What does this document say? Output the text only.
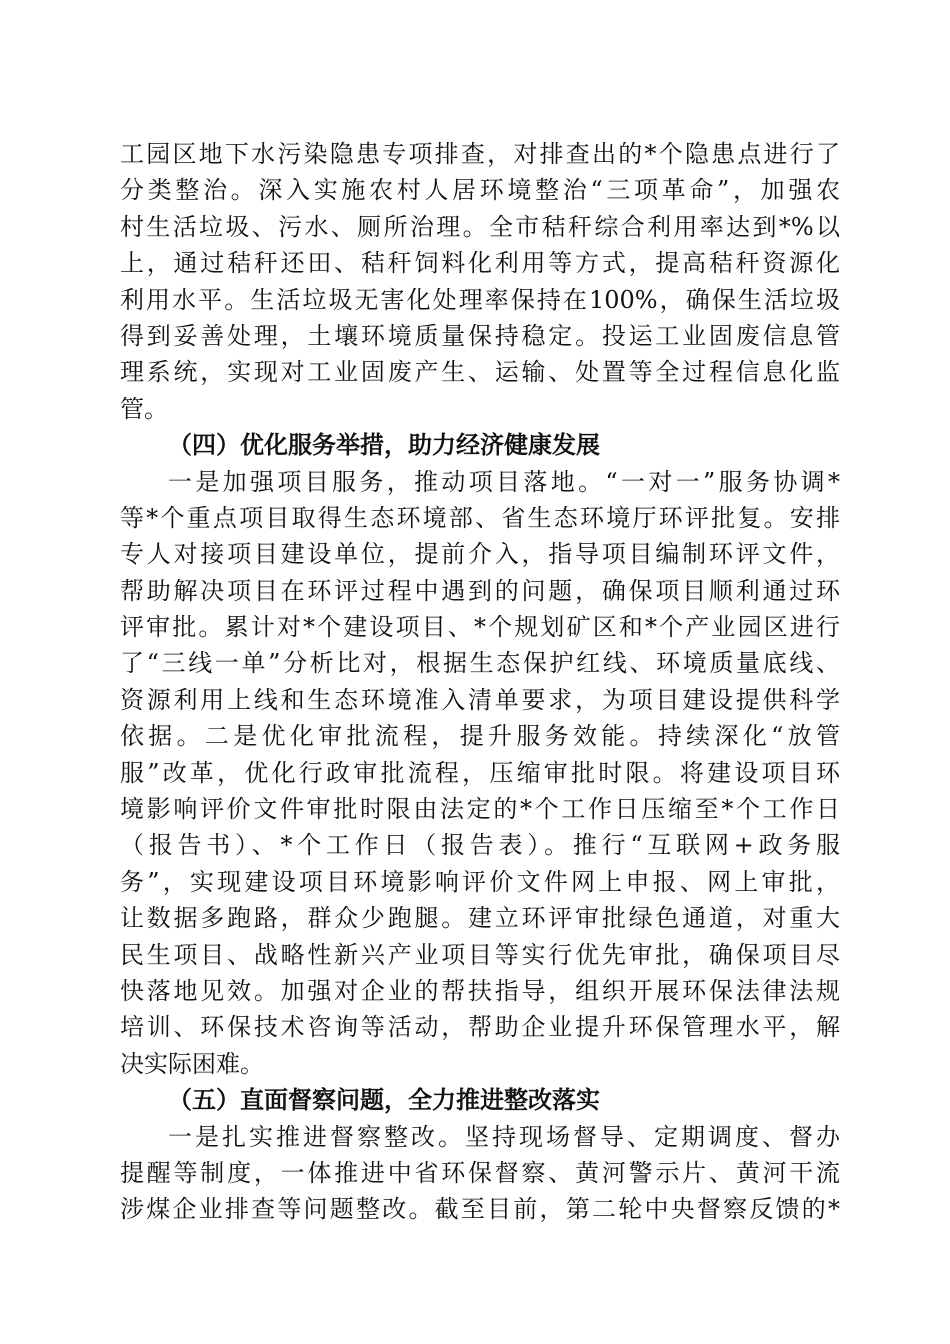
工园区地下水污染隐患专项排查，对排查出的*个隐患点进行了
分类整治。深入实施农村人居环境整治“三项革命”，加强农
村生活垃圾、污水、厕所治理。全市秸秆综合利用率达到*%以
上，通过秸秆还田、秸秆饲料化利用等方式，提高秸秆资源化
利用水平。生活垃圾无害化处理率保持在100%，确保生活垃圾
得到妥善处理，土壤环境质量保持稳定。投运工业固废信息管
理系统，实现对工业固废产生、运输、处置等全过程信息化监
管。
（四）优化服务举措，助力经济健康发展
一是加强项目服务，推动项目落地。“一对一”服务协调*
等*个重点项目取得生态环境部、省生态环境厅环评批复。安排
专人对接项目建设单位，提前介入，指导项目编制环评文件，
帮助解决项目在环评过程中遇到的问题，确保项目顺利通过环
评审批。累计对*个建设项目、*个规划矿区和*个产业园区进行
了“三线一单”分析比对，根据生态保护红线、环境质量底线、
资源利用上线和生态环境准入清单要求，为项目建设提供科学
依据。二是优化审批流程，提升服务效能。持续深化“放管
服”改革，优化行政审批流程，压缩审批时限。将建设项目环
境影响评价文件审批时限由法定的*个工作日压缩至*个工作日
（报告书）、*个工作日（报告表）。推行“互联网+政务服
务”，实现建设项目环境影响评价文件网上申报、网上审批，
让数据多跑路，群众少跑腿。建立环评审批绿色通道，对重大
民生项目、战略性新兴产业项目等实行优先审批，确保项目尽
快落地见效。加强对企业的帮扶指导，组织开展环保法律法规
培训、环保技术咨询等活动，帮助企业提升环保管理水平，解
决实际困难。
（五）直面督察问题，全力推进整改落实
一是扎实推进督察整改。坚持现场督导、定期调度、督办
提醒等制度，一体推进中省环保督察、黄河警示片、黄河干流
涉煤企业排查等问题整改。截至目前，第二轮中央督察反馈的*
